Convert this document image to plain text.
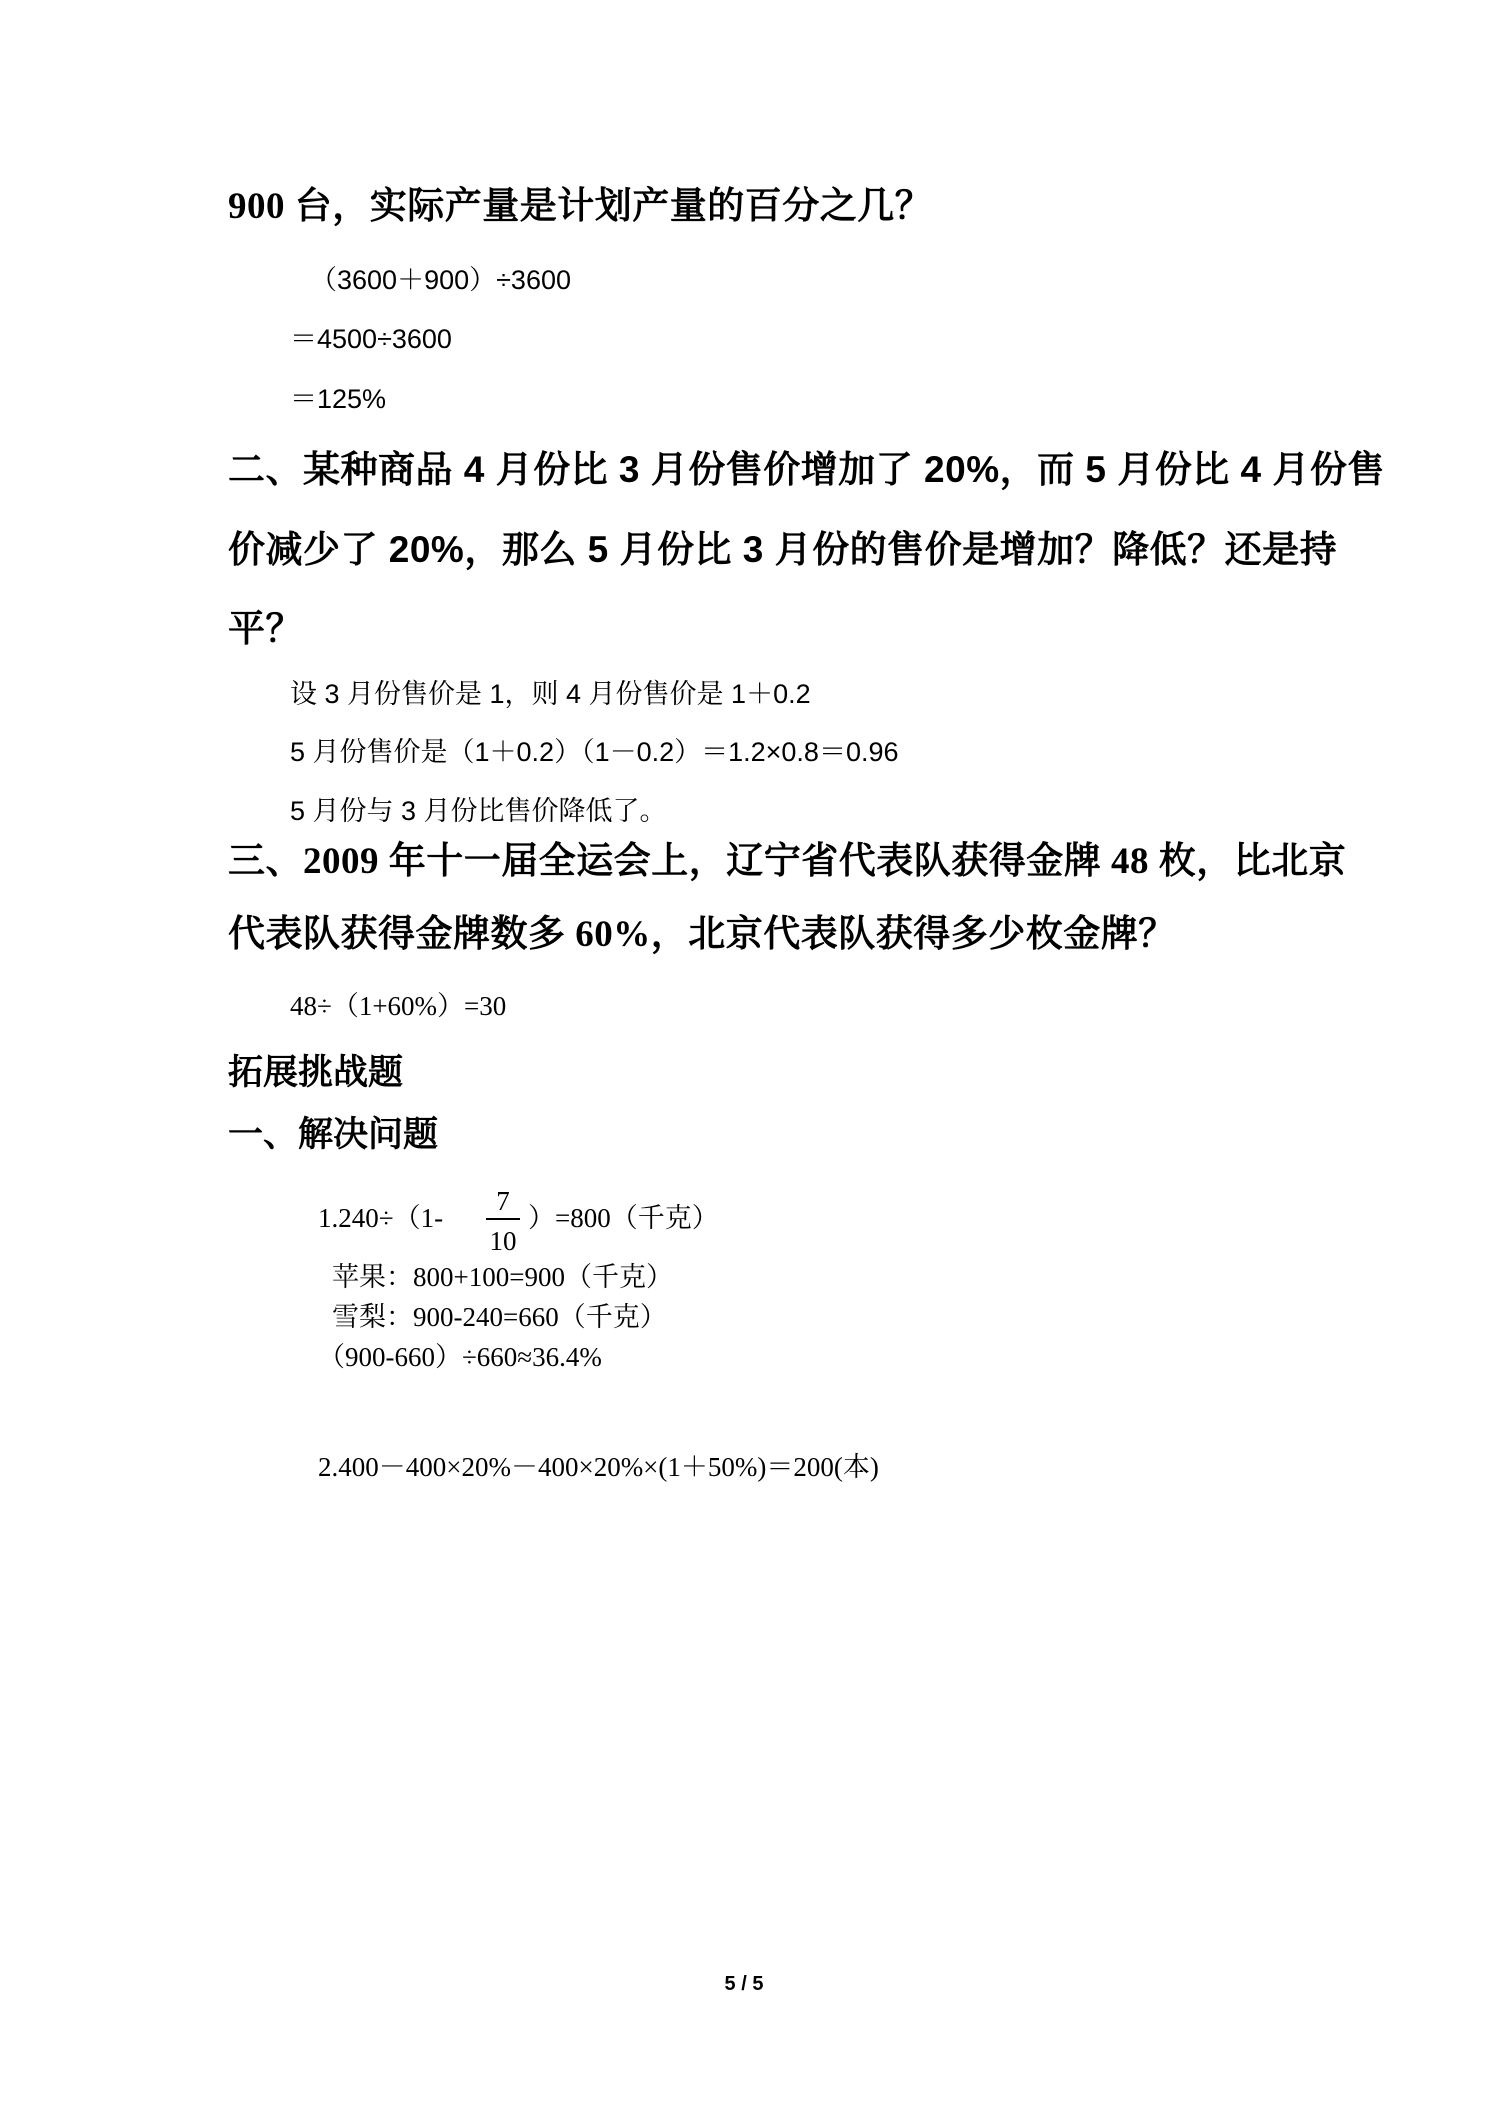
900 台，实际产量是计划产量的百分之几？
（3600＋900）÷3600
＝4500÷3600
＝125%
二、某种商品 4 月份比 3 月份售价增加了 20%，而 5 月份比 4 月份售
价减少了 20%，那么 5 月份比 3 月份的售价是增加？降低？还是持
平？
设 3 月份售价是 1，则 4 月份售价是 1＋0.2
5 月份售价是（1＋0.2）（1－0.2）＝1.2×0.8＝0.96
5 月份与 3 月份比售价降低了。
三、2009 年十一届全运会上，辽宁省代表队获得金牌 48 枚，比北京
代表队获得金牌数多 60%，北京代表队获得多少枚金牌？
48÷（1+60%）=30
拓展挑战题
一、解决问题
1.240÷（1-
7
10
）=800（千克）
苹果：800+100=900（千克）
雪梨：900-240=660（千克）
（900-660）÷660≈36.4%
2.400－400×20%－400×20%×(1＋50%)＝200(本)
5 / 5
